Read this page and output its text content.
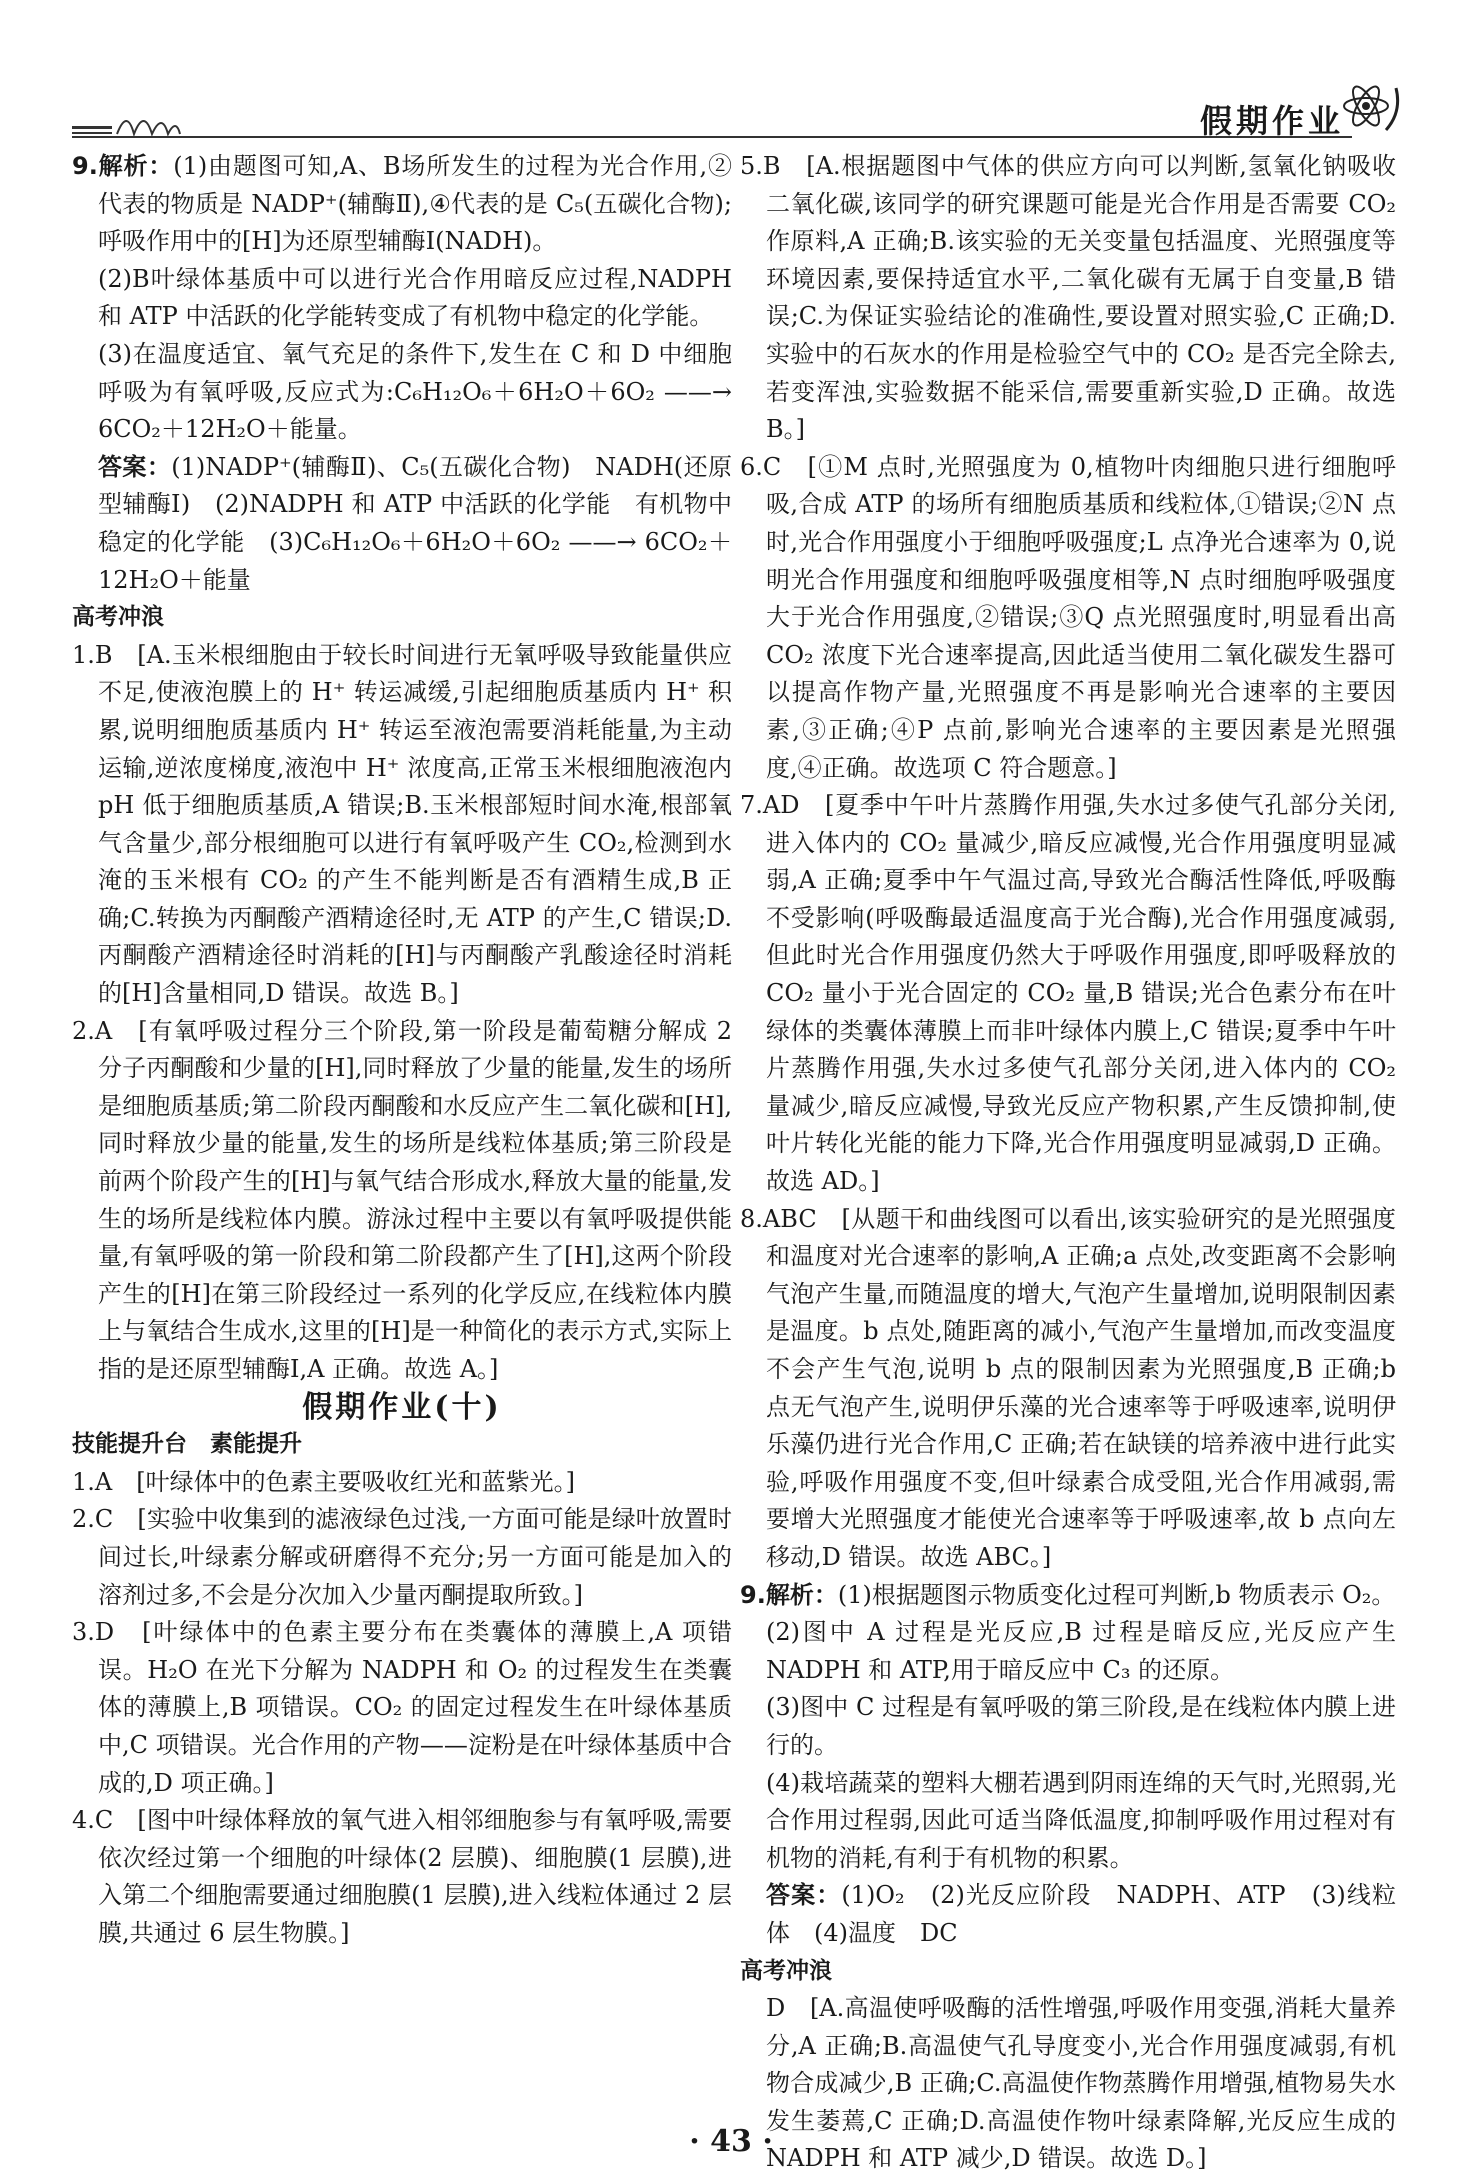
假期作业

9.解析：(1)由题图可知,A、B场所发生的过程为光合作用,②代表的物质是 NADP⁺(辅酶Ⅱ),④代表的是 C₅(五碳化合物);呼吸作用中的[H]为还原型辅酶Ⅰ(NADH)。

(2)B叶绿体基质中可以进行光合作用暗反应过程,NADPH 和 ATP 中活跃的化学能转变成了有机物中稳定的化学能。

(3)在温度适宜、氧气充足的条件下,发生在 C 和 D 中细胞呼吸为有氧呼吸,反应式为:C₆H₁₂O₆＋6H₂O＋6O₂ ——→ 6CO₂＋12H₂O＋能量。

答案：(1)NADP⁺(辅酶Ⅱ)、C₅(五碳化合物)　NADH(还原型辅酶Ⅰ)　(2)NADPH 和 ATP 中活跃的化学能　有机物中稳定的化学能　(3)C₆H₁₂O₆＋6H₂O＋6O₂ ——→ 6CO₂＋12H₂O＋能量

高考冲浪

1.B　[A.玉米根细胞由于较长时间进行无氧呼吸导致能量供应不足,使液泡膜上的 H⁺ 转运减缓,引起细胞质基质内 H⁺ 积累,说明细胞质基质内 H⁺ 转运至液泡需要消耗能量,为主动运输,逆浓度梯度,液泡中 H⁺ 浓度高,正常玉米根细胞液泡内 pH 低于细胞质基质,A 错误;B.玉米根部短时间水淹,根部氧气含量少,部分根细胞可以进行有氧呼吸产生 CO₂,检测到水淹的玉米根有 CO₂ 的产生不能判断是否有酒精生成,B 正确;C.转换为丙酮酸产酒精途径时,无 ATP 的产生,C 错误;D.丙酮酸产酒精途径时消耗的[H]与丙酮酸产乳酸途径时消耗的[H]含量相同,D 错误。故选 B。]

2.A　[有氧呼吸过程分三个阶段,第一阶段是葡萄糖分解成 2 分子丙酮酸和少量的[H],同时释放了少量的能量,发生的场所是细胞质基质;第二阶段丙酮酸和水反应产生二氧化碳和[H],同时释放少量的能量,发生的场所是线粒体基质;第三阶段是前两个阶段产生的[H]与氧气结合形成水,释放大量的能量,发生的场所是线粒体内膜。游泳过程中主要以有氧呼吸提供能量,有氧呼吸的第一阶段和第二阶段都产生了[H],这两个阶段产生的[H]在第三阶段经过一系列的化学反应,在线粒体内膜上与氧结合生成水,这里的[H]是一种简化的表示方式,实际上指的是还原型辅酶Ⅰ,A 正确。故选 A。]

假期作业(十)

技能提升台　素能提升

1.A　[叶绿体中的色素主要吸收红光和蓝紫光。]

2.C　[实验中收集到的滤液绿色过浅,一方面可能是绿叶放置时间过长,叶绿素分解或研磨得不充分;另一方面可能是加入的溶剂过多,不会是分次加入少量丙酮提取所致。]

3.D　[叶绿体中的色素主要分布在类囊体的薄膜上,A 项错误。H₂O 在光下分解为 NADPH 和 O₂ 的过程发生在类囊体的薄膜上,B 项错误。CO₂ 的固定过程发生在叶绿体基质中,C 项错误。光合作用的产物——淀粉是在叶绿体基质中合成的,D 项正确。]

4.C　[图中叶绿体释放的氧气进入相邻细胞参与有氧呼吸,需要依次经过第一个细胞的叶绿体(2 层膜)、细胞膜(1 层膜),进入第二个细胞需要通过细胞膜(1 层膜),进入线粒体通过 2 层膜,共通过 6 层生物膜。]

5.B　[A.根据题图中气体的供应方向可以判断,氢氧化钠吸收二氧化碳,该同学的研究课题可能是光合作用是否需要 CO₂ 作原料,A 正确;B.该实验的无关变量包括温度、光照强度等环境因素,要保持适宜水平,二氧化碳有无属于自变量,B 错误;C.为保证实验结论的准确性,要设置对照实验,C 正确;D.实验中的石灰水的作用是检验空气中的 CO₂ 是否完全除去,若变浑浊,实验数据不能采信,需要重新实验,D 正确。故选 B。]

6.C　[①M 点时,光照强度为 0,植物叶肉细胞只进行细胞呼吸,合成 ATP 的场所有细胞质基质和线粒体,①错误;②N 点时,光合作用强度小于细胞呼吸强度;L 点净光合速率为 0,说明光合作用强度和细胞呼吸强度相等,N 点时细胞呼吸强度大于光合作用强度,②错误;③Q 点光照强度时,明显看出高 CO₂ 浓度下光合速率提高,因此适当使用二氧化碳发生器可以提高作物产量,光照强度不再是影响光合速率的主要因素,③正确;④P 点前,影响光合速率的主要因素是光照强度,④正确。故选项 C 符合题意。]

7.AD　[夏季中午叶片蒸腾作用强,失水过多使气孔部分关闭,进入体内的 CO₂ 量减少,暗反应减慢,光合作用强度明显减弱,A 正确;夏季中午气温过高,导致光合酶活性降低,呼吸酶不受影响(呼吸酶最适温度高于光合酶),光合作用强度减弱,但此时光合作用强度仍然大于呼吸作用强度,即呼吸释放的 CO₂ 量小于光合固定的 CO₂ 量,B 错误;光合色素分布在叶绿体的类囊体薄膜上而非叶绿体内膜上,C 错误;夏季中午叶片蒸腾作用强,失水过多使气孔部分关闭,进入体内的 CO₂ 量减少,暗反应减慢,导致光反应产物积累,产生反馈抑制,使叶片转化光能的能力下降,光合作用强度明显减弱,D 正确。故选 AD。]

8.ABC　[从题干和曲线图可以看出,该实验研究的是光照强度和温度对光合速率的影响,A 正确;a 点处,改变距离不会影响气泡产生量,而随温度的增大,气泡产生量增加,说明限制因素是温度。b 点处,随距离的减小,气泡产生量增加,而改变温度不会产生气泡,说明 b 点的限制因素为光照强度,B 正确;b 点无气泡产生,说明伊乐藻的光合速率等于呼吸速率,说明伊乐藻仍进行光合作用,C 正确;若在缺镁的培养液中进行此实验,呼吸作用强度不变,但叶绿素合成受阻,光合作用减弱,需要增大光照强度才能使光合速率等于呼吸速率,故 b 点向左移动,D 错误。故选 ABC。]

9.解析：(1)根据题图示物质变化过程可判断,b 物质表示 O₂。

(2)图中 A 过程是光反应,B 过程是暗反应,光反应产生 NADPH 和 ATP,用于暗反应中 C₃ 的还原。

(3)图中 C 过程是有氧呼吸的第三阶段,是在线粒体内膜上进行的。

(4)栽培蔬菜的塑料大棚若遇到阴雨连绵的天气时,光照弱,光合作用过程弱,因此可适当降低温度,抑制呼吸作用过程对有机物的消耗,有利于有机物的积累。

答案：(1)O₂　(2)光反应阶段　NADPH、ATP　(3)线粒体　(4)温度　DC

高考冲浪

D　[A.高温使呼吸酶的活性增强,呼吸作用变强,消耗大量养分,A 正确;B.高温使气孔导度变小,光合作用强度减弱,有机物合成减少,B 正确;C.高温使作物蒸腾作用增强,植物易失水发生萎蔫,C 正确;D.高温使作物叶绿素降解,光反应生成的 NADPH 和 ATP 减少,D 错误。故选 D。]

· 43 ·
